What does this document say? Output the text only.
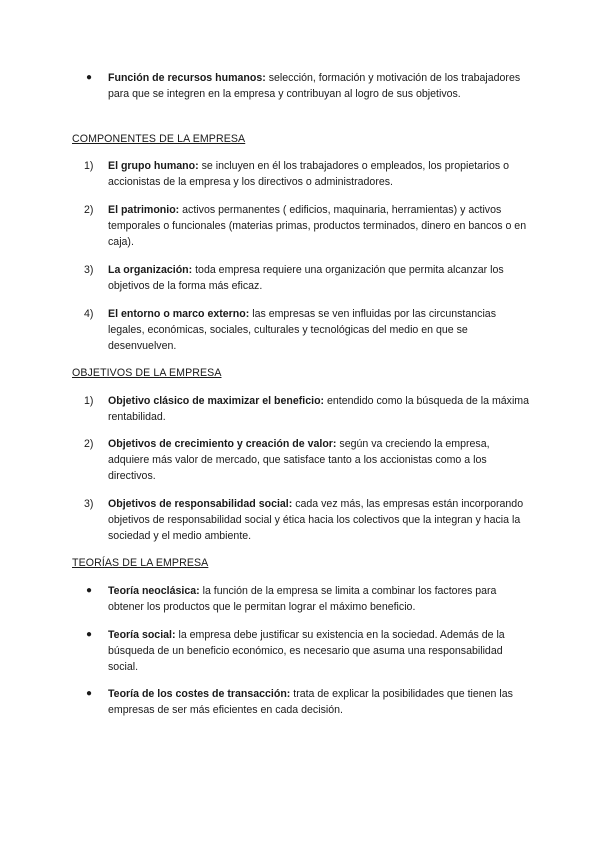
●	Función de recursos humanos: selección, formación y motivación de los trabajadores para que se integren en la empresa y contribuyan al logro de sus objetivos.
COMPONENTES DE LA EMPRESA
1)	El grupo humano: se incluyen en él los trabajadores o empleados, los propietarios o accionistas de la empresa y los directivos o administradores.
2)	El patrimonio: activos permanentes ( edificios, maquinaria, herramientas) y activos temporales o funcionales (materias primas, productos terminados, dinero en bancos o en caja).
3)	La organización: toda empresa requiere una organización que permita alcanzar los objetivos de la forma más eficaz.
4)	El entorno o marco externo: las empresas se ven influidas por las circunstancias legales, económicas, sociales, culturales y tecnológicas del medio en que se desenvuelven.
OBJETIVOS DE LA EMPRESA
1)	Objetivo clásico de maximizar el beneficio: entendido como la búsqueda de la máxima rentabilidad.
2)	Objetivos de crecimiento y creación de valor: según va creciendo la empresa, adquiere más valor de mercado, que satisface tanto a los accionistas como a los directivos.
3)	Objetivos de responsabilidad social: cada vez más, las empresas están incorporando objetivos de responsabilidad social y ética hacia los colectivos que la integran y hacia la sociedad y el medio ambiente.
TEORÍAS DE LA EMPRESA
●	Teoría neoclásica: la función de la empresa se limita a combinar los factores para obtener los productos que le permitan lograr el máximo beneficio.
●	Teoría social: la empresa debe justificar su existencia en la sociedad. Además de la búsqueda de un beneficio económico, es necesario que asuma una responsabilidad social.
●	Teoría de los costes de transacción: trata de explicar la posibilidades que tienen las empresas de ser más eficientes en cada decisión.
